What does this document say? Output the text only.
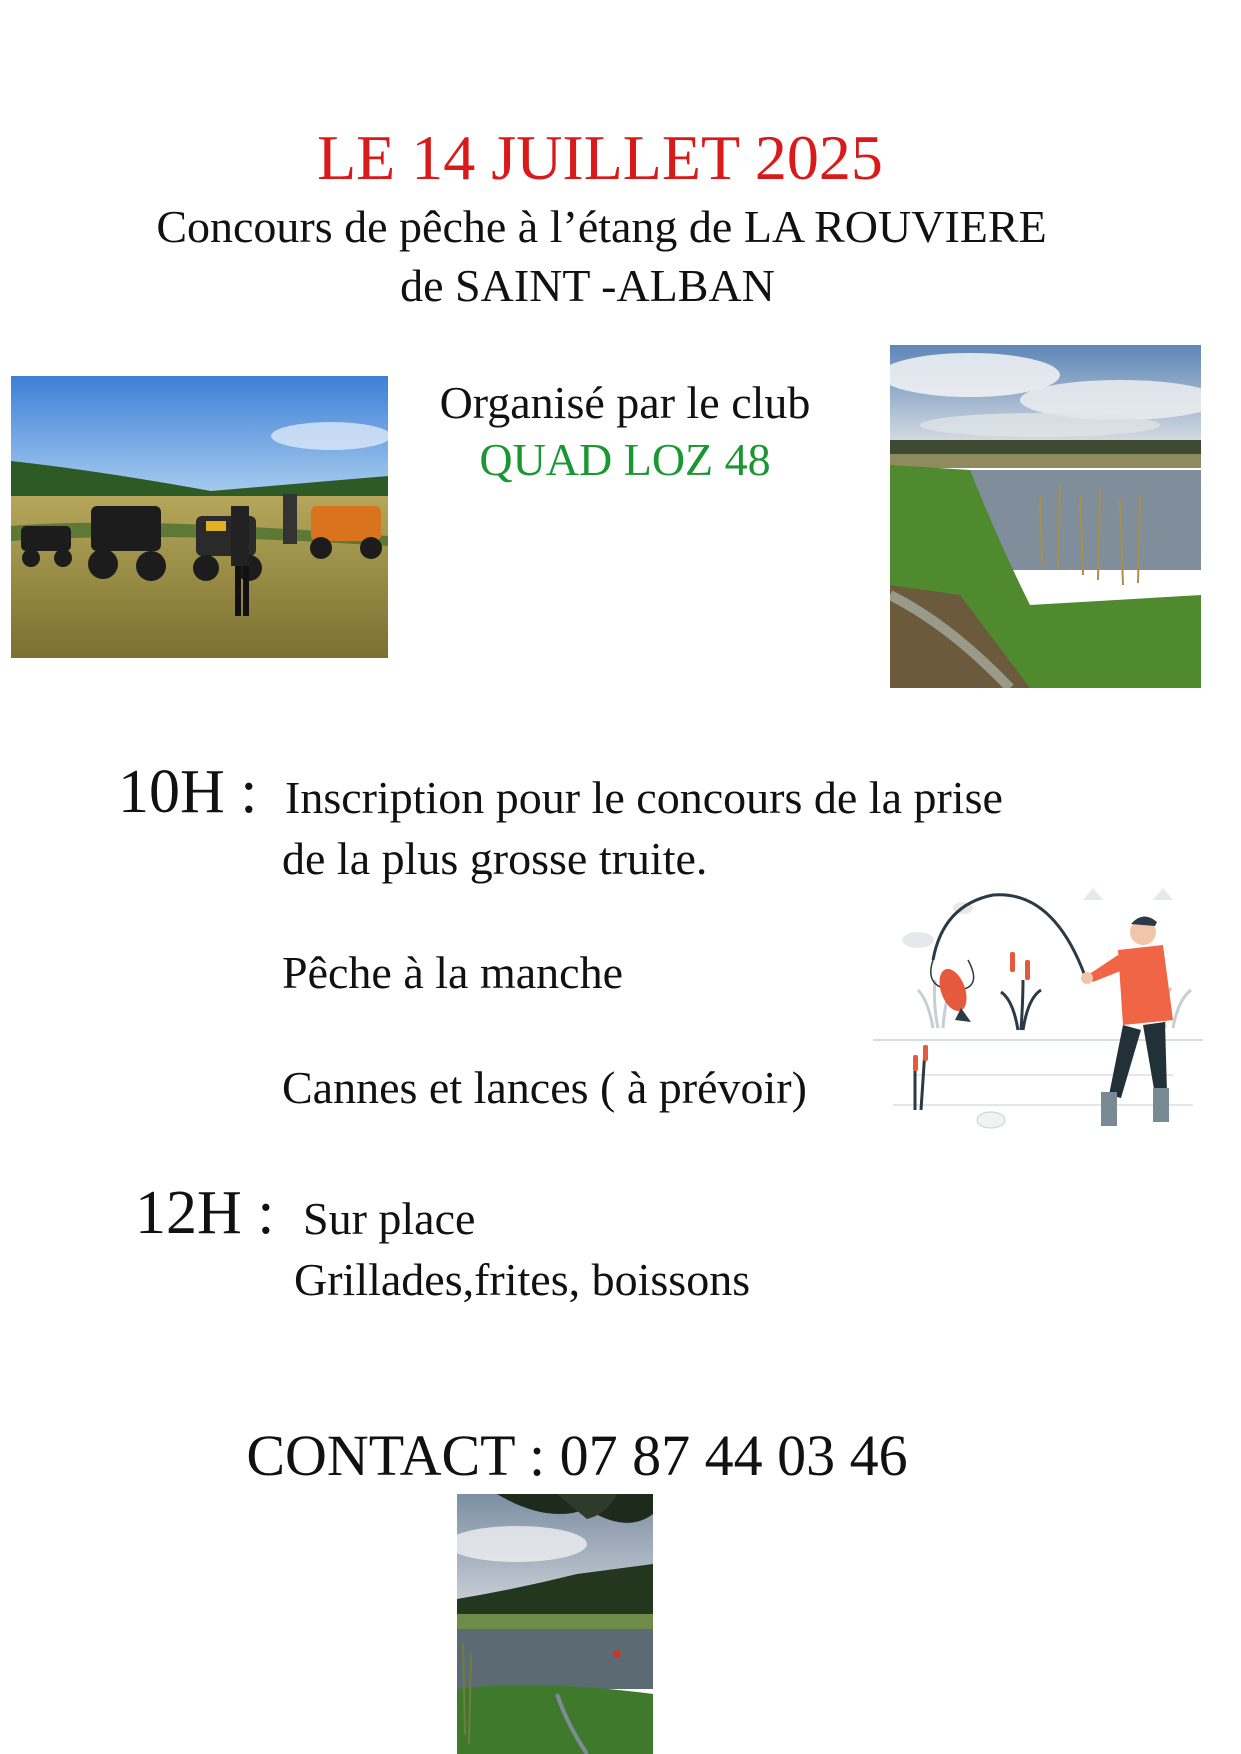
LE 14 JUILLET 2025
Concours de pêche à l’étang de LA ROUVIERE
de SAINT -ALBAN
Organisé par le club
QUAD LOZ 48
10H : Inscription pour le concours de la prise
de la plus grosse truite.
Pêche à la manche
Cannes et lances ( à prévoir)
12H : Sur place
Grillades,frites, boissons
CONTACT : 07 87 44 03 46
